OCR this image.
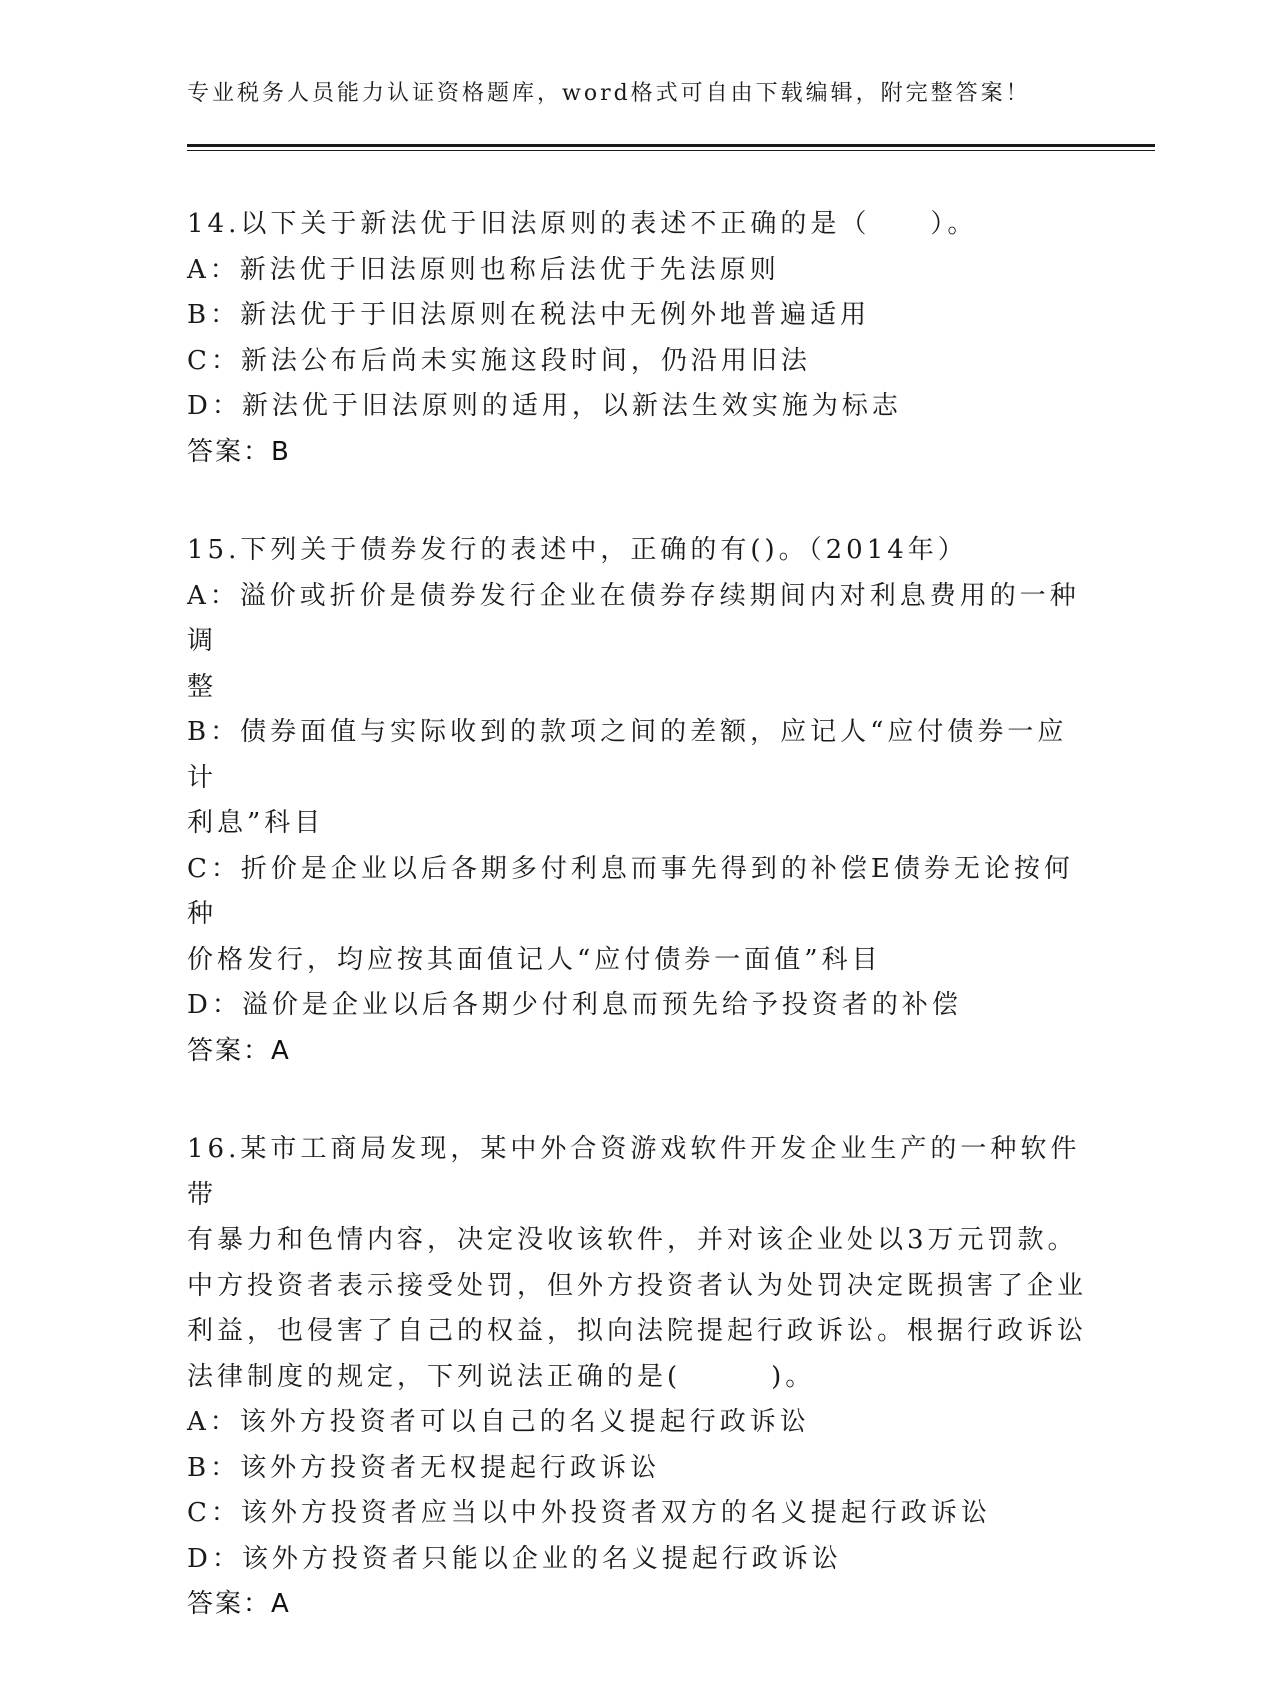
专业税务人员能力认证资格题库，word格式可自由下载编辑，附完整答案！
14.以下关于新法优于旧法原则的表述不正确的是（　　）。
A：新法优于旧法原则也称后法优于先法原则
B：新法优于于旧法原则在税法中无例外地普遍适用
C：新法公布后尚未实施这段时间，仍沿用旧法
D：新法优于旧法原则的适用，以新法生效实施为标志
答案：B
15.下列关于债券发行的表述中，正确的有()。（2014年）
A：溢价或折价是债券发行企业在债券存续期间内对利息费用的一种调
整
B：债券面值与实际收到的款项之间的差额，应记人“应付债券一应计
利息”科目
C：折价是企业以后各期多付利息而事先得到的补偿E债券无论按何种
价格发行，均应按其面值记人“应付债券一面值”科目
D：溢价是企业以后各期少付利息而预先给予投资者的补偿
答案：A
16.某市工商局发现，某中外合资游戏软件开发企业生产的一种软件带
有暴力和色情内容，决定没收该软件，并对该企业处以3万元罚款。
中方投资者表示接受处罚，但外方投资者认为处罚决定既损害了企业
利益，也侵害了自己的权益，拟向法院提起行政诉讼。根据行政诉讼
法律制度的规定，下列说法正确的是(　　　)。
A：该外方投资者可以自己的名义提起行政诉讼
B：该外方投资者无权提起行政诉讼
C：该外方投资者应当以中外投资者双方的名义提起行政诉讼
D：该外方投资者只能以企业的名义提起行政诉讼
答案：A
